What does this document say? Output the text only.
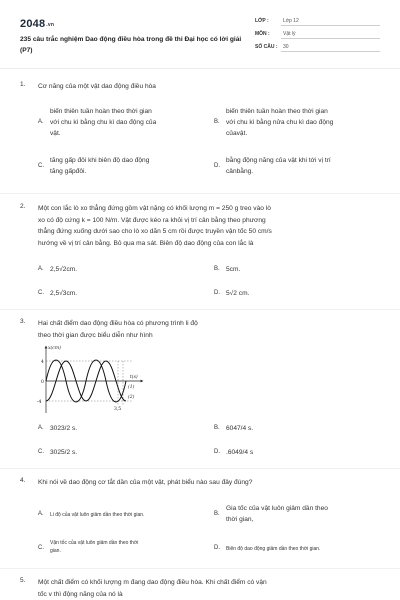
2048.vn
235 câu trắc nghiệm Dao động điều hòa trong đề thi Đại học có lời giải (P7)
LỚP :	Lớp 12
MÔN :	Vật lý
SỐ CÂU :	30
1. Cơ năng của một vật dao động điều hòa
A.
biến thiên tuần hoàn theo thời gian
với chu kì bằng chu kì dao động của
vật.
B.
biến thiên tuần hoàn theo thời gian
với chu kì bằng nửa chu kì dao động
củavật.
C.
tăng gấp đôi khi biên độ dao động
tăng gấpđôi.
D.
bằng động năng của vật khi tới vị trí
cânbằng.
2. Một con lắc lò xo thẳng đứng gồm vật nặng có khối lượng m = 250 g treo vào lò
xo có độ cứng k = 100 N/m. Vật được kéo ra khỏi vị trí cân bằng theo phương
thẳng đứng xuống dưới sao cho lò xo dãn 5 cm rồi được truyền vận tốc 50 cm/s
hướng về vị trí cân bằng. Bỏ qua ma sát. Biên độ dao động của con lắc là
A. 2,5√2cm.	B. 5cm.
C. 2,5√3cm.	D. 5√2 cm.
3. Hai chất điểm dao động điều hòa có phương trình li độ
theo thời gian được biểu diễn như hình
x(cm)
t(s)
(1)
(2)
4
0
-4
3,5
A. 3023/2 s.	B. 6047/4 s.
C. 3025/2 s.	D. .6049/4 s
4. Khi nói về dao động cơ tắt dần của một vật, phát biểu nào sau đây đúng?
A. Li độ của vật luôn giảm dần theo thời gian.	B.
Gia tốc của vật luôn giảm dần theo
thời gian,
C.
Vận tốc của vật luôn giảm dần theo thời
gian.	D. Biên độ dao động giảm dần theo thời gian.
5. Một chất điểm có khối lượng m đang dao động điều hòa. Khi chất điểm có vận
tốc v thì động năng của nó là
